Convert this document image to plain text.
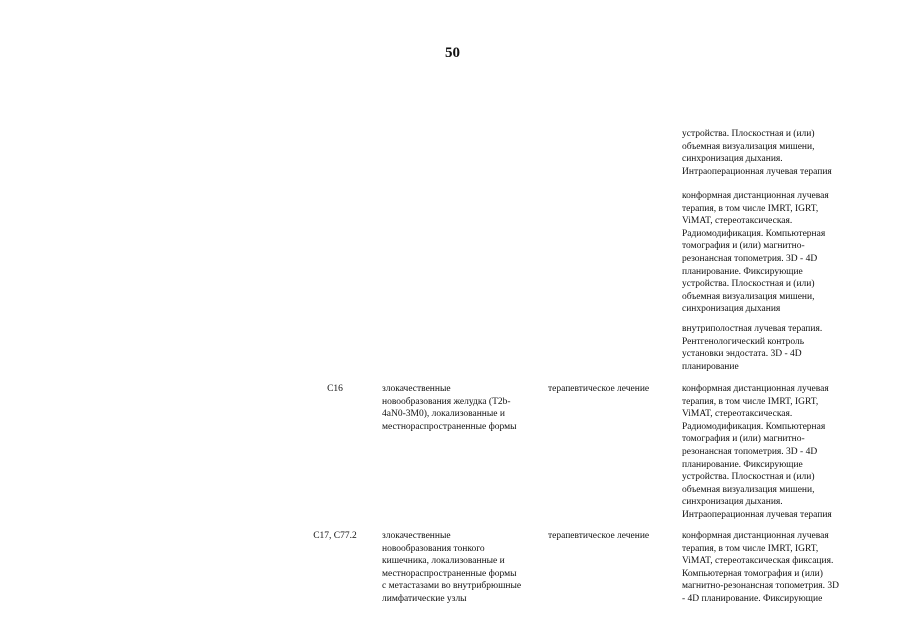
50
устройства. Плоскостная и (или)
объемная визуализация мишени,
синхронизация дыхания.
Интраоперационная лучевая терапия
конформная дистанционная лучевая
терапия, в том числе IMRT, IGRT,
ViMAT, стереотаксическая.
Радиомодификация. Компьютерная
томография и (или) магнитно-
резонансная топометрия. 3D - 4D
планирование. Фиксирующие
устройства. Плоскостная и (или)
объемная визуализация мишени,
синхронизация дыхания
внутриполостная лучевая терапия.
Рентгенологический контроль
установки эндостата. 3D - 4D
планирование
C16	злокачественные
новообразования желудка (T2b-
4aN0-3M0), локализованные и
местнораспространенные формы
терапевтическое лечение	конформная дистанционная лучевая
терапия, в том числе IMRT, IGRT,
ViMAT, стереотаксическая.
Радиомодификация. Компьютерная
томография и (или) магнитно-
резонансная топометрия. 3D - 4D
планирование. Фиксирующие
устройства. Плоскостная и (или)
объемная визуализация мишени,
синхронизация дыхания.
Интраоперационная лучевая терапия
C17, C77.2	злокачественные
новообразования тонкого
кишечника, локализованные и
местнораспространенные формы
с метастазами во внутрибрюшные
лимфатические узлы
терапевтическое лечение	конформная дистанционная лучевая
терапия, в том числе IMRT, IGRT,
ViMAT, стереотаксическая фиксация.
Компьютерная томография и (или)
магнитно-резонансная топометрия. 3D
- 4D планирование. Фиксирующие
